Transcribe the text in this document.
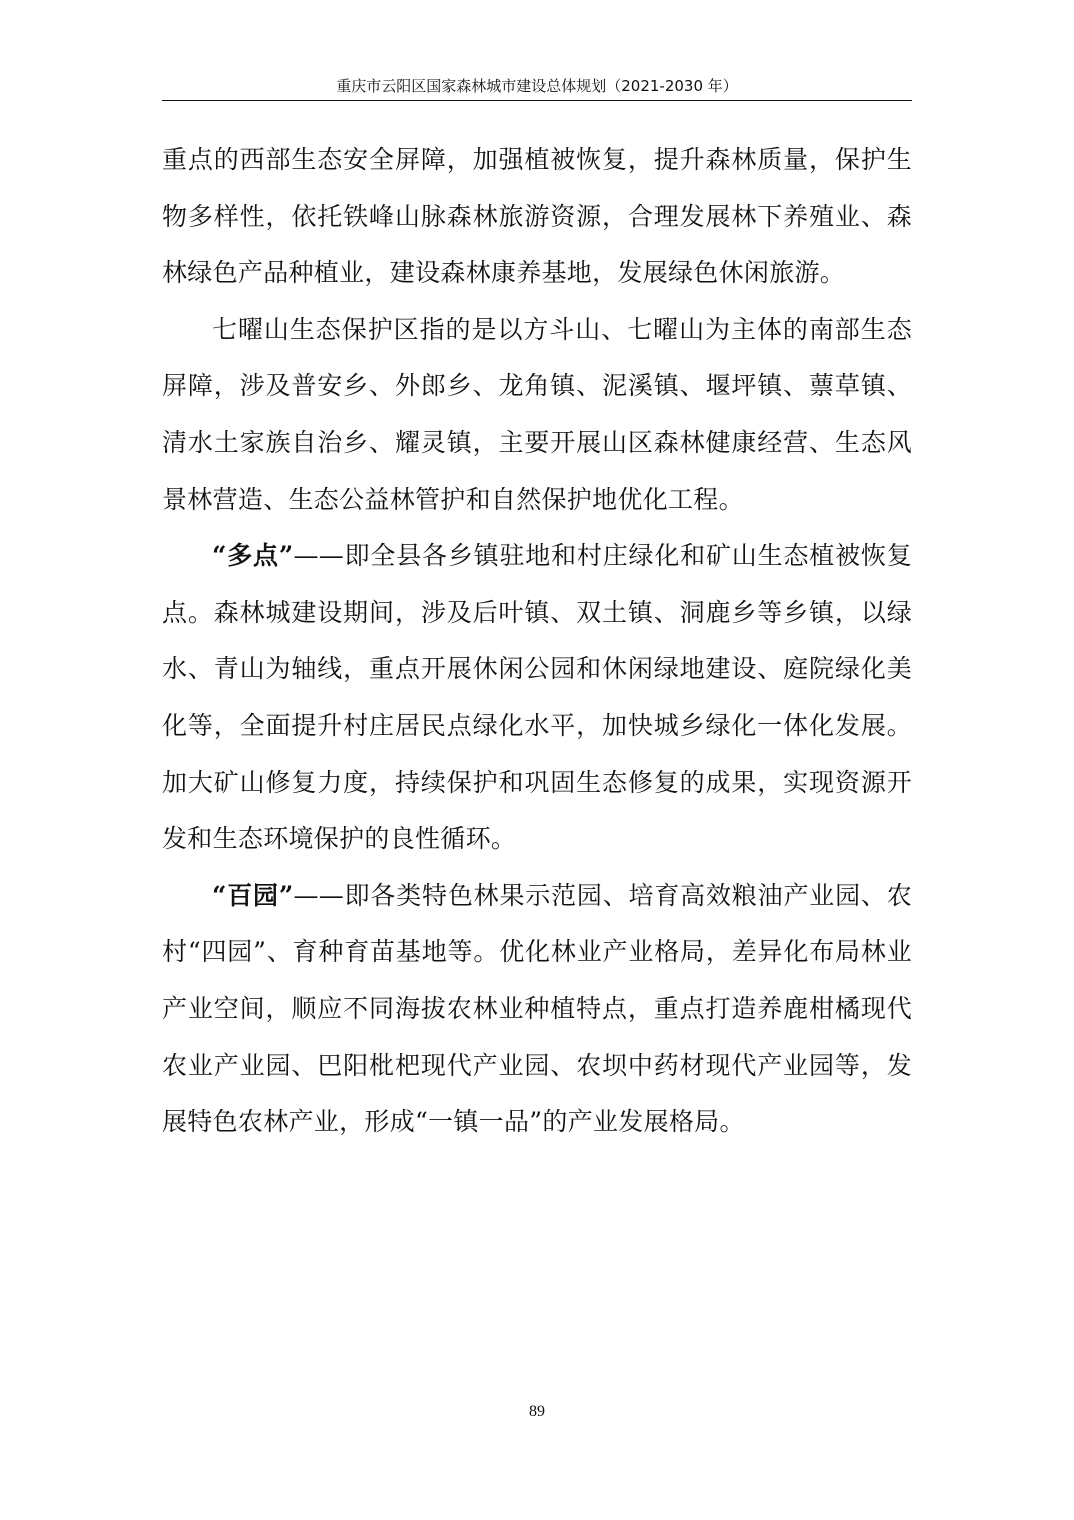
重庆市云阳区国家森林城市建设总体规划（2021-2030 年）

重点的西部生态安全屏障，加强植被恢复，提升森林质量，保护生物多样性，依托铁峰山脉森林旅游资源，合理发展林下养殖业、森林绿色产品种植业，建设森林康养基地，发展绿色休闲旅游。

七曜山生态保护区指的是以方斗山、七曜山为主体的南部生态屏障，涉及普安乡、外郎乡、龙角镇、泥溪镇、堰坪镇、蔈草镇、清水土家族自治乡、耀灵镇，主要开展山区森林健康经营、生态风景林营造、生态公益林管护和自然保护地优化工程。

“多点”——即全县各乡镇驻地和村庄绿化和矿山生态植被恢复点。森林城建设期间，涉及后叶镇、双土镇、洞鹿乡等乡镇，以绿水、青山为轴线，重点开展休闲公园和休闲绿地建设、庭院绿化美化等，全面提升村庄居民点绿化水平，加快城乡绿化一体化发展。加大矿山修复力度，持续保护和巩固生态修复的成果，实现资源开发和生态环境保护的良性循环。

“百园”——即各类特色林果示范园、培育高效粮油产业园、农村“四园”、育种育苗基地等。优化林业产业格局，差异化布局林业产业空间，顺应不同海拔农林业种植特点，重点打造养鹿柑橘现代农业产业园、巴阳枇杷现代产业园、农坝中药材现代产业园等，发展特色农林产业，形成“一镇一品”的产业发展格局。

89
